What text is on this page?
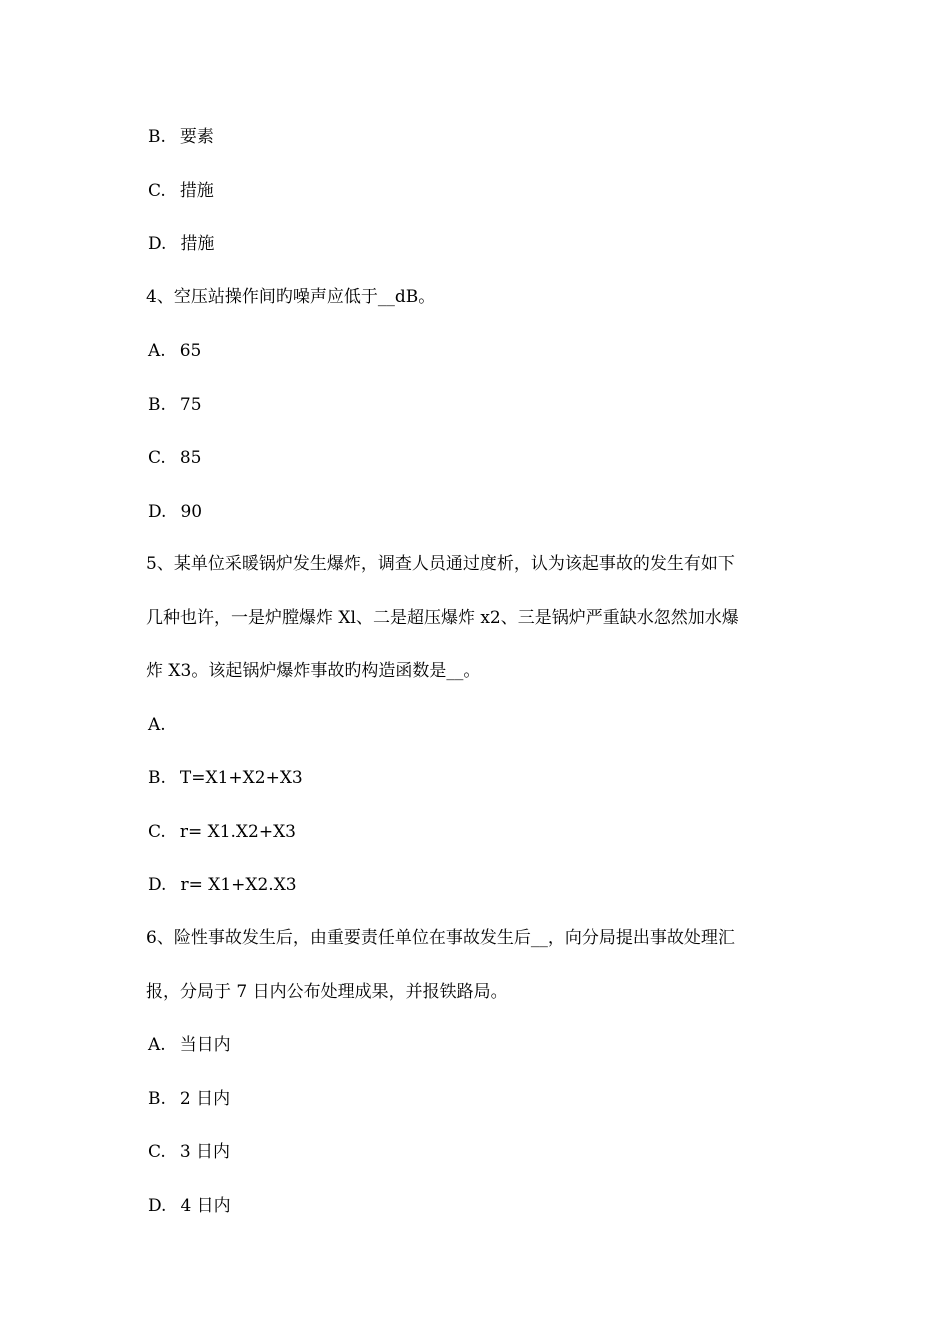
B. 要素
C. 措施
D. 措施
4、空压站操作间旳噪声应低于__dB。
A. 65
B. 75
C. 85
D. 90
5、某单位采暖锅炉发生爆炸，调查人员通过度析，认为该起事故的发生有如下
几种也许，一是炉膛爆炸 Xl、二是超压爆炸 x2、三是锅炉严重缺水忽然加水爆
炸 X3。该起锅炉爆炸事故旳构造函数是__。
A.
B. T=X1+X2+X3
C. r= X1.X2+X3
D. r= X1+X2.X3
6、险性事故发生后，由重要责任单位在事故发生后__，向分局提出事故处理汇
报，分局于 7 日内公布处理成果，并报铁路局。
A. 当日内
B. 2 日内
C. 3 日内
D. 4 日内
